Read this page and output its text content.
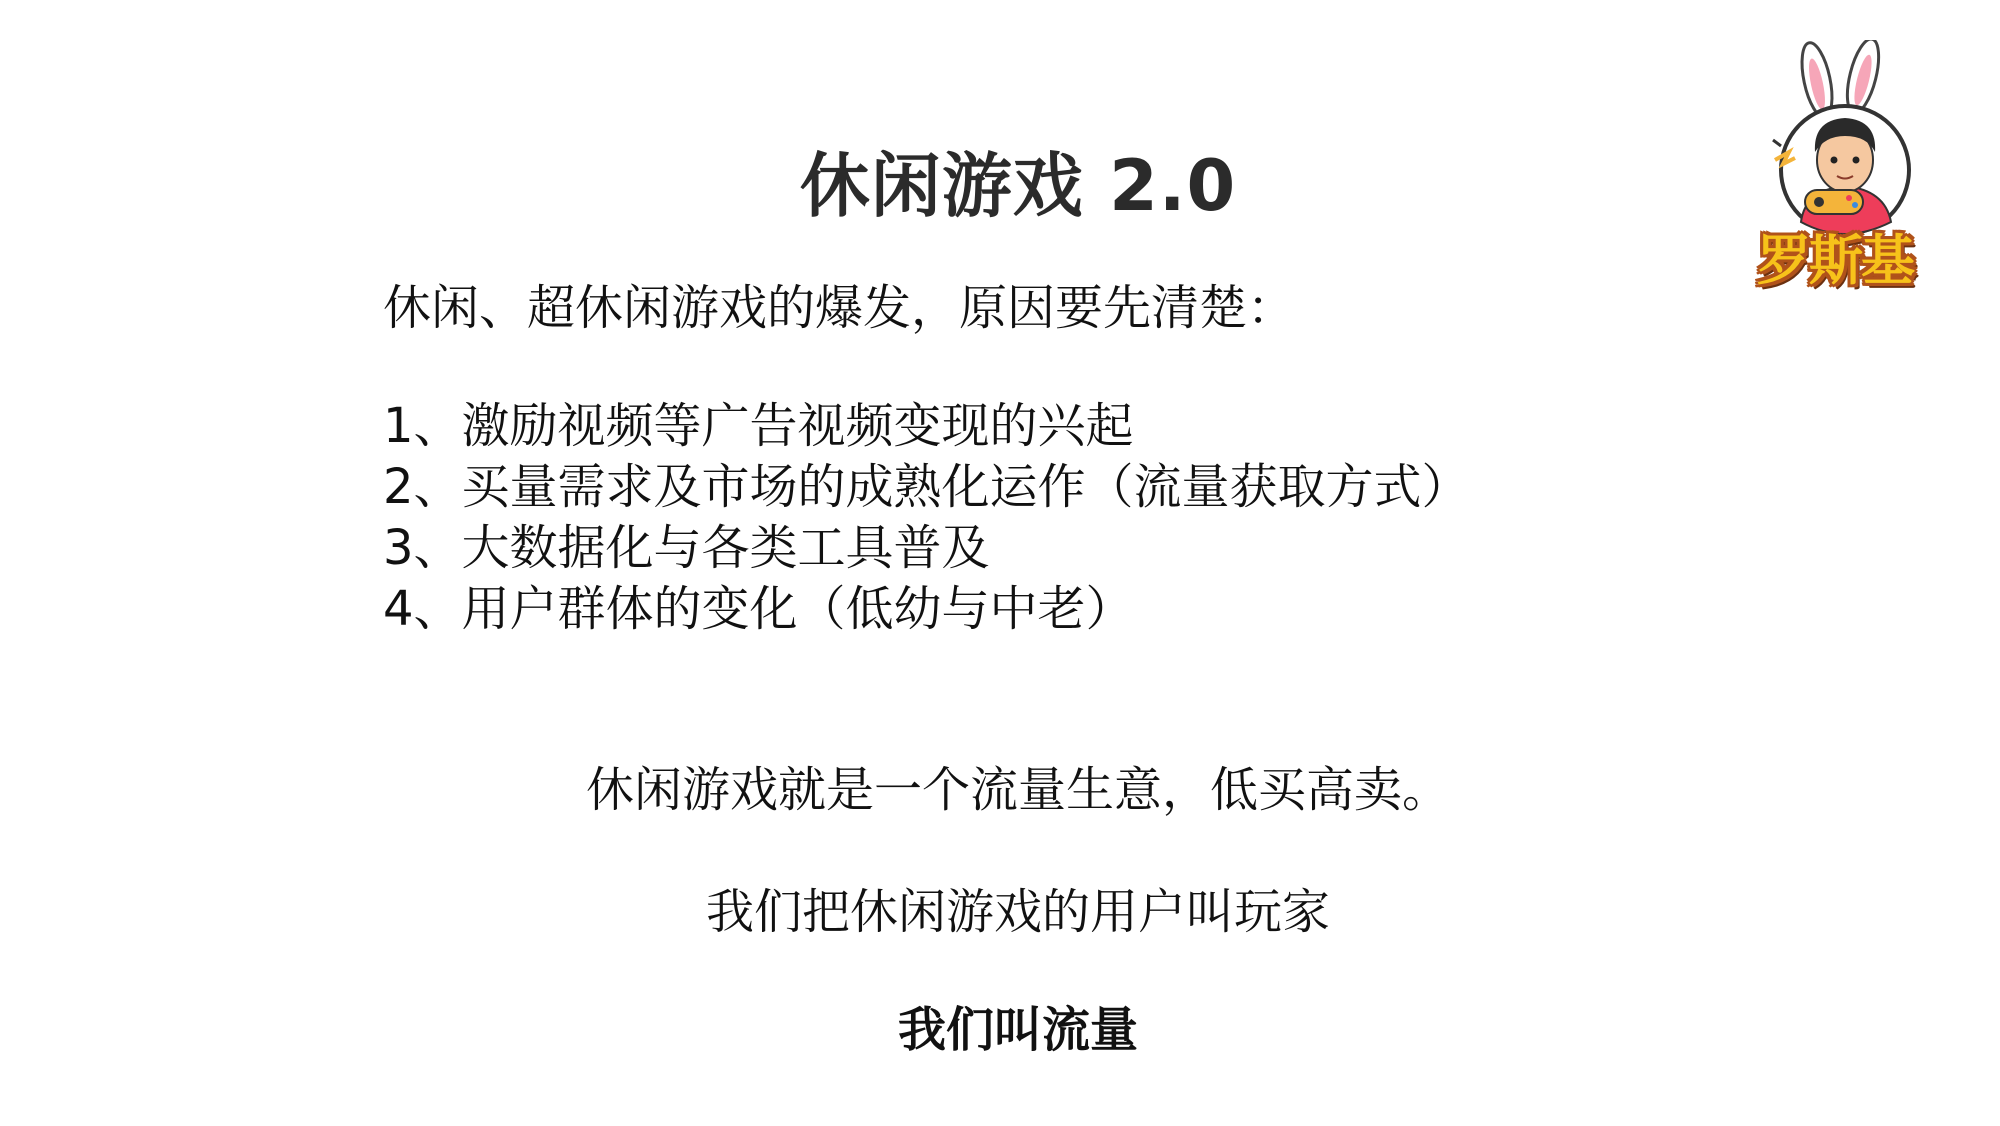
休闲游戏 2.0
休闲、超休闲游戏的爆发，原因要先清楚：
1、激励视频等广告视频变现的兴起
2、买量需求及市场的成熟化运作（流量获取方式）
3、大数据化与各类工具普及
4、用户群体的变化（低幼与中老）
休闲游戏就是一个流量生意，低买高卖。
我们把休闲游戏的用户叫玩家
我们叫流量
罗斯基
